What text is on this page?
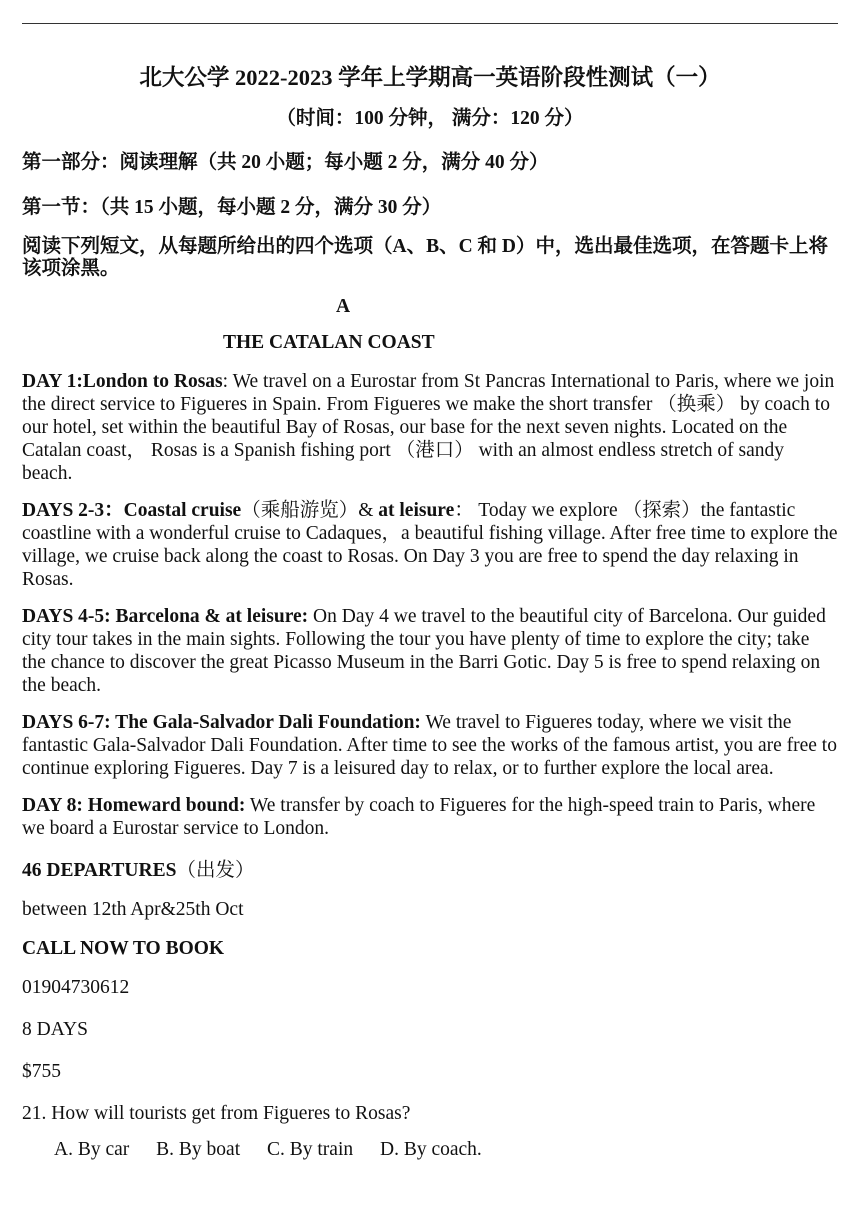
北大公学 2022-2023 学年上学期高一英语阶段性测试（一）
（时间：100 分钟， 满分：120 分）
第一部分：阅读理解（共 20 小题；每小题 2 分，满分 40 分）
第一节：（共 15 小题，每小题 2 分，满分 30 分）
阅读下列短文，从每题所给出的四个选项（A、B、C 和 D）中，选出最佳选项，在答题卡上将该项涂黑。
A
THE CATALAN COAST
DAY 1:London to Rosas: We travel on a Eurostar from St Pancras International to Paris, where we join the direct service to Figueres in Spain. From Figueres we make the short transfer （换乘） by coach to our hotel, set within the beautiful Bay of Rosas, our base for the next seven nights. Located on the Catalan coast， Rosas is a Spanish fishing port （港口） with an almost endless stretch of sandy beach.
DAYS 2-3：Coastal cruise（乘船游览）& at leisure： Today we explore （探索）the fantastic coastline with a wonderful cruise to Cadaques，a beautiful fishing village. After free time to explore the village, we cruise back along the coast to Rosas. On Day 3 you are free to spend the day relaxing in Rosas.
DAYS 4-5: Barcelona & at leisure: On Day 4 we travel to the beautiful city of Barcelona. Our guided city tour takes in the main sights. Following the tour you have plenty of time to explore the city; take the chance to discover the great Picasso Museum in the Barri Gotic. Day 5 is free to spend relaxing on the beach.
DAYS 6-7: The Gala-Salvador Dali Foundation: We travel to Figueres today, where we visit the fantastic Gala-Salvador Dali Foundation. After time to see the works of the famous artist, you are free to continue exploring Figueres. Day 7 is a leisured day to relax, or to further explore the local area.
DAY 8: Homeward bound: We transfer by coach to Figueres for the high-speed train to Paris, where we board a Eurostar service to London.
46 DEPARTURES（出发）
between 12th Apr&25th Oct
CALL NOW TO BOOK
01904730612
8 DAYS
$755
21. How will tourists get from Figueres to Rosas?
A. By car B. By boat C. By train D. By coach.
